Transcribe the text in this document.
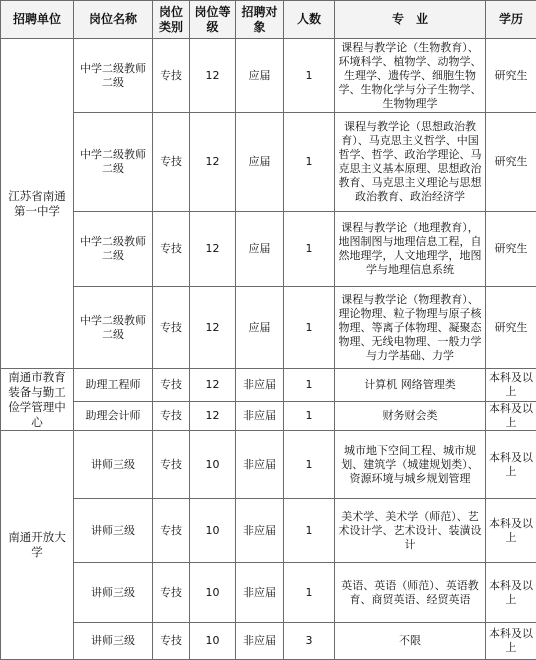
招聘单位	岗位名称	岗位类别	岗位等级	招聘对象	人数	专　业	学历
江苏省南通第一中学	中学二级教师二级	专技	12	应届	1	课程与教学论（生物教育）、环境科学、植物学、动物学、生理学、遗传学、细胞生物学、生物化学与分子生物学、生物物理学	研究生
	中学二级教师二级	专技	12	应届	1	课程与教学论（思想政治教育）、马克思主义哲学、中国哲学、哲学、政治学理论、马克思主义基本原理、思想政治教育、马克思主义理论与思想政治教育、政治经济学	研究生
	中学二级教师二级	专技	12	应届	1	课程与教学论（地理教育），地图制图与地理信息工程，自然地理学，人文地理学，地图学与地理信息系统	研究生
	中学二级教师二级	专技	12	应届	1	课程与教学论（物理教育）、理论物理、粒子物理与原子核物理、等离子体物理、凝聚态物理、无线电物理、一般力学与力学基础、力学	研究生
南通市教育装备与勤工俭学管理中心	助理工程师	专技	12	非应届	1	计算机 网络管理类	本科及以上
	助理会计师	专技	12	非应届	1	财务财会类	本科及以上
南通开放大学	讲师三级	专技	10	非应届	1	城市地下空间工程、城市规划、建筑学（城建规划类）、资源环境与城乡规划管理	本科及以上
	讲师三级	专技	10	非应届	1	美术学、美术学（师范）、艺术设计学、艺术设计、装潢设计	本科及以上
	讲师三级	专技	10	非应届	1	英语、英语（师范）、英语教育、商贸英语、经贸英语	本科及以上
	讲师三级	专技	10	非应届	3	不限	本科及以上
